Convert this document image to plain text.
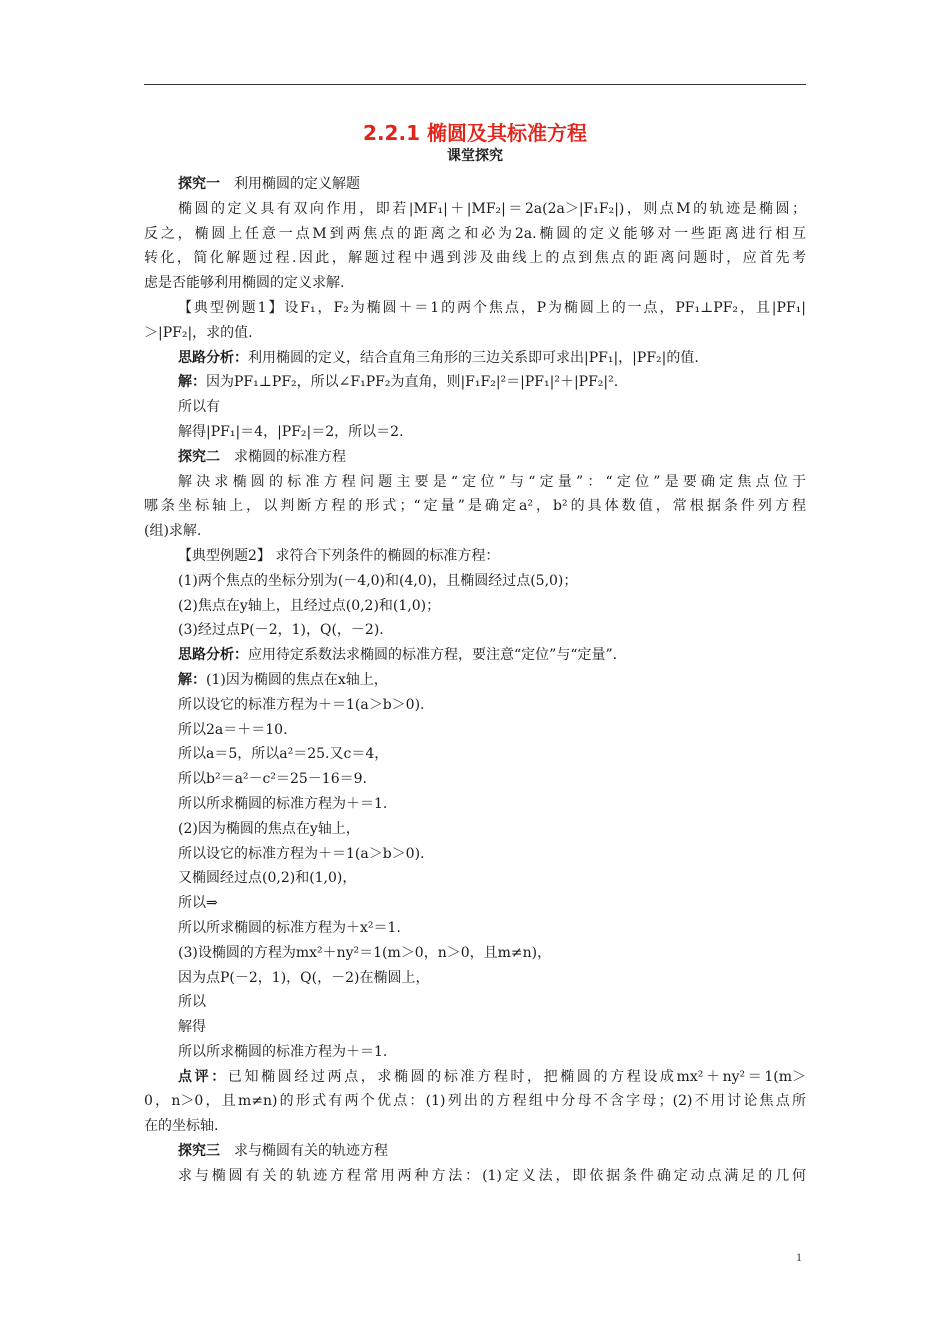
2.2.1 椭圆及其标准方程
课堂探究
探究一　利用椭圆的定义解题
椭圆的定义具有双向作用，即若|MF₁|＋|MF₂|＝2a(2a＞|F₁F₂|)，则点M的轨迹是椭圆；
反之，椭圆上任意一点M到两焦点的距离之和必为2a.椭圆的定义能够对一些距离进行相互
转化，简化解题过程.因此，解题过程中遇到涉及曲线上的点到焦点的距离问题时，应首先考
虑是否能够利用椭圆的定义求解.
【典型例题1】设F₁，F₂为椭圆＋＝1的两个焦点，P为椭圆上的一点，PF₁⊥PF₂，且|PF₁|
＞|PF₂|，求的值.
思路分析：利用椭圆的定义，结合直角三角形的三边关系即可求出|PF₁|，|PF₂|的值.
解：因为PF₁⊥PF₂，所以∠F₁PF₂为直角，则|F₁F₂|²＝|PF₁|²＋|PF₂|².
所以有
解得|PF₁|＝4，|PF₂|＝2，所以＝2.
探究二　求椭圆的标准方程
解决求椭圆的标准方程问题主要是“定位”与“定量”：“定位”是要确定焦点位于
哪条坐标轴上，以判断方程的形式；“定量”是确定a²，b²的具体数值，常根据条件列方程
(组)求解.
【典型例题2】 求符合下列条件的椭圆的标准方程：
(1)两个焦点的坐标分别为(－4,0)和(4,0)，且椭圆经过点(5,0)；
(2)焦点在y轴上，且经过点(0,2)和(1,0)；
(3)经过点P(－2，1)，Q(，－2).
思路分析：应用待定系数法求椭圆的标准方程，要注意“定位”与“定量”.
解：(1)因为椭圆的焦点在x轴上，
所以设它的标准方程为＋＝1(a＞b＞0).
所以2a＝＋＝10.
所以a＝5，所以a²＝25.又c＝4，
所以b²＝a²－c²＝25－16＝9.
所以所求椭圆的标准方程为＋＝1.
(2)因为椭圆的焦点在y轴上，
所以设它的标准方程为＋＝1(a＞b＞0).
又椭圆经过点(0,2)和(1,0)，
所以⇒
所以所求椭圆的标准方程为＋x²＝1.
(3)设椭圆的方程为mx²＋ny²＝1(m＞0，n＞0，且m≠n)，
因为点P(－2，1)，Q(，－2)在椭圆上，
所以
解得
所以所求椭圆的标准方程为＋＝1.
点评：已知椭圆经过两点，求椭圆的标准方程时，把椭圆的方程设成mx²＋ny²＝1(m＞
0，n＞0，且m≠n)的形式有两个优点：(1)列出的方程组中分母不含字母；(2)不用讨论焦点所
在的坐标轴.
探究三　求与椭圆有关的轨迹方程
求与椭圆有关的轨迹方程常用两种方法：(1)定义法，即依据条件确定动点满足的几何
1
